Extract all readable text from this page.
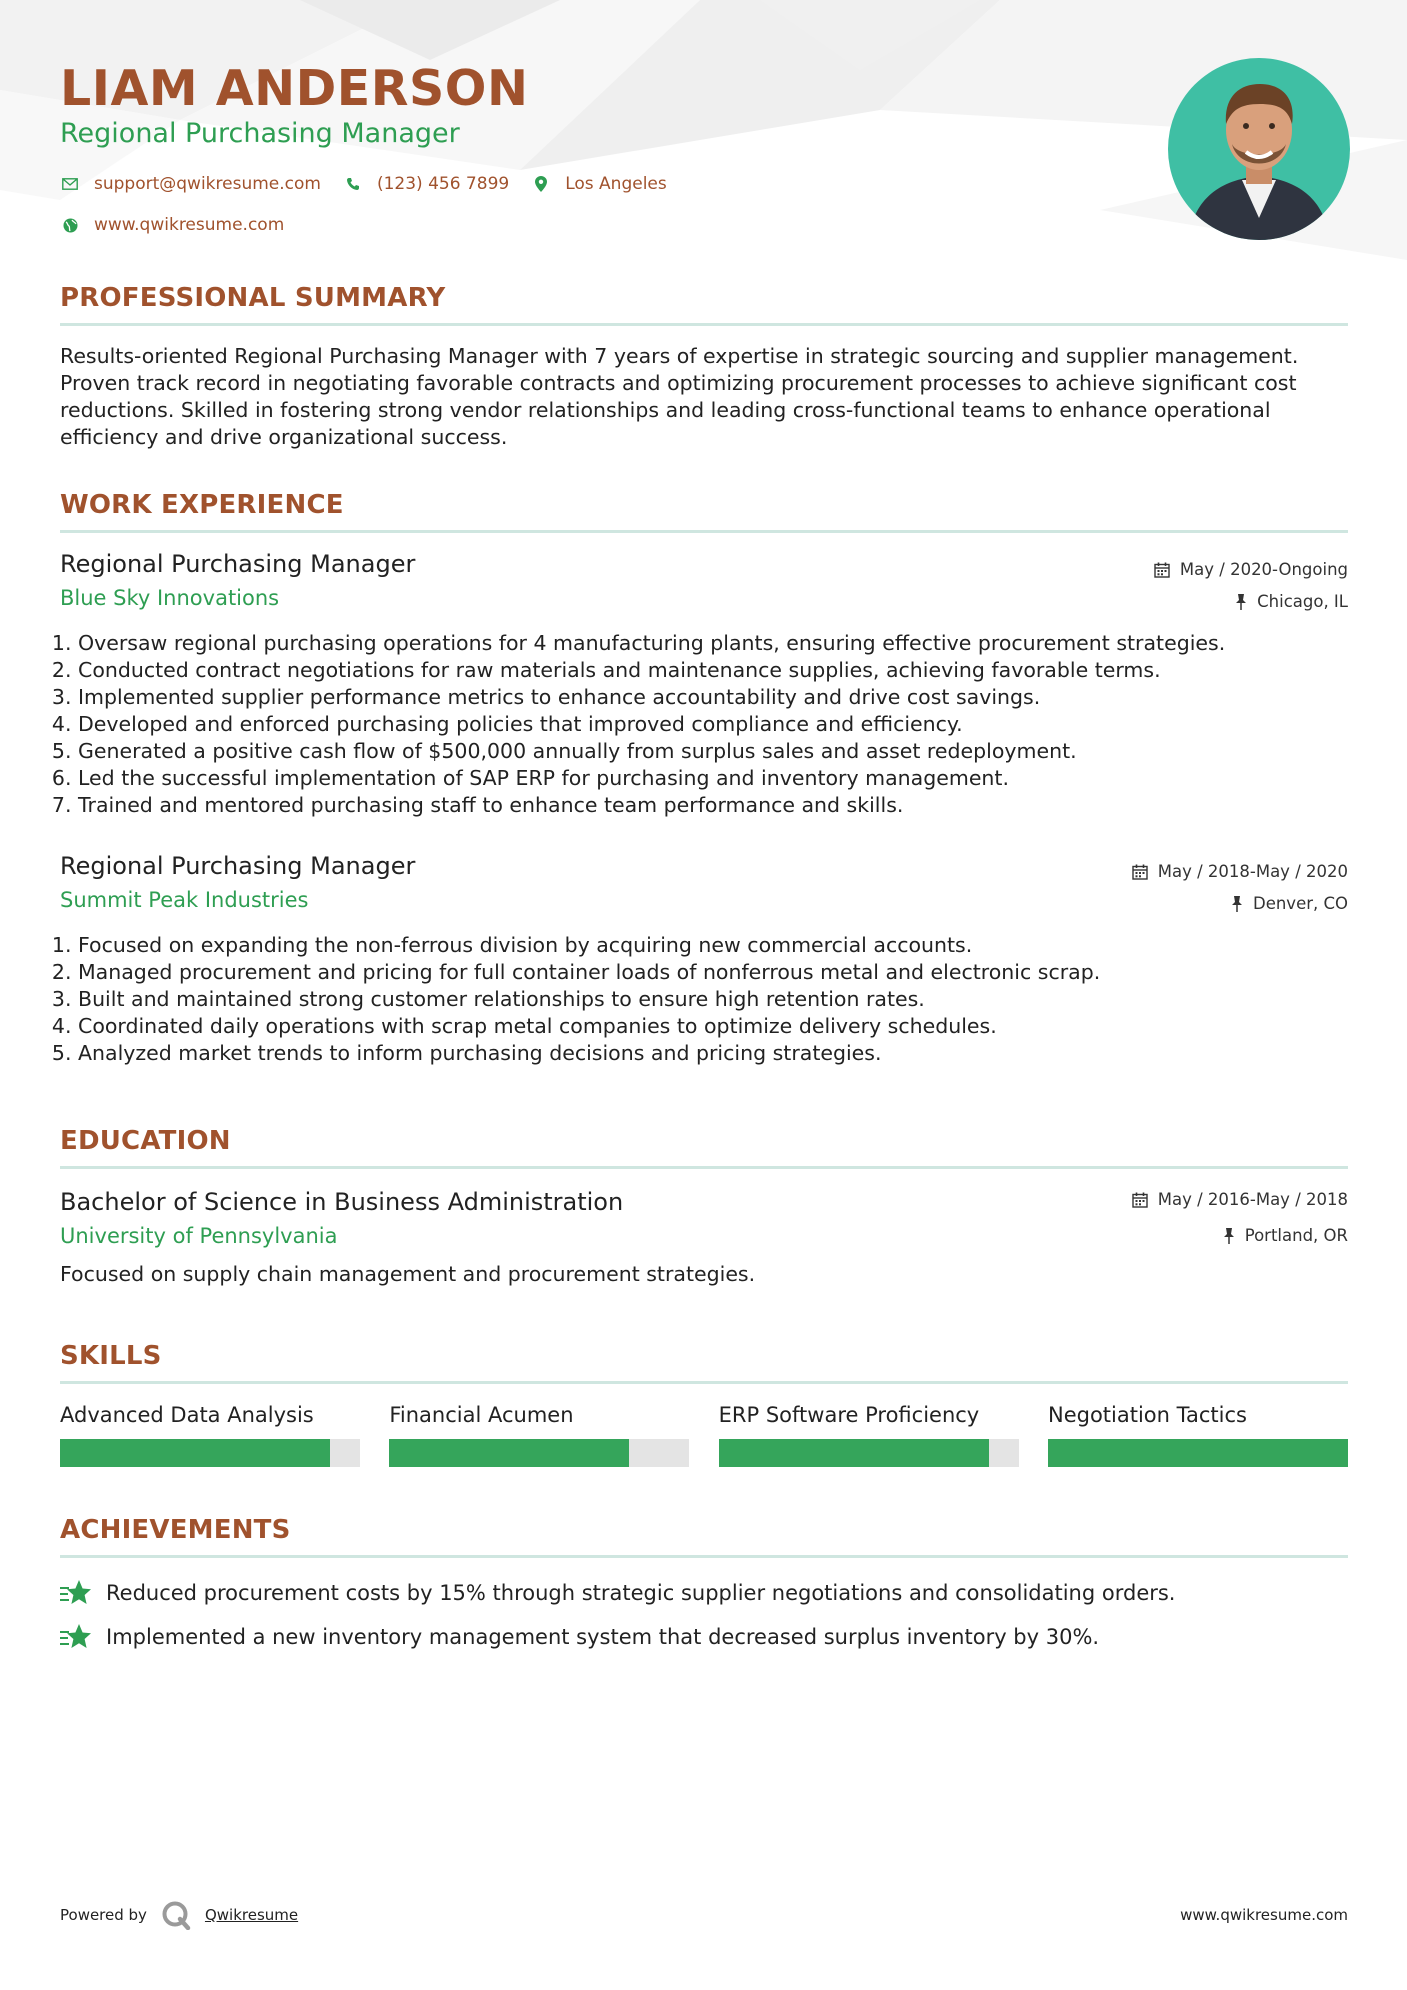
LIAM ANDERSON
Regional Purchasing Manager
support@qwikresume.com	(123) 456 7899	Los Angeles
www.qwikresume.com
PROFESSIONAL SUMMARY

Results-oriented Regional Purchasing Manager with 7 years of expertise in strategic sourcing and supplier management. Proven track record in negotiating favorable contracts and optimizing procurement processes to achieve significant cost reductions. Skilled in fostering strong vendor relationships and leading cross-functional teams to enhance operational efficiency and drive organizational success.

WORK EXPERIENCE
Regional Purchasing Manager
Blue Sky Innovations
May / 2020-Ongoing
Chicago, IL
1. Oversaw regional purchasing operations for 4 manufacturing plants, ensuring effective procurement strategies.
2. Conducted contract negotiations for raw materials and maintenance supplies, achieving favorable terms.
3. Implemented supplier performance metrics to enhance accountability and drive cost savings.
4. Developed and enforced purchasing policies that improved compliance and efficiency.
5. Generated a positive cash flow of $500,000 annually from surplus sales and asset redeployment.
6. Led the successful implementation of SAP ERP for purchasing and inventory management.
7. Trained and mentored purchasing staff to enhance team performance and skills.
Regional Purchasing Manager
Summit Peak Industries
May / 2018-May / 2020
Denver, CO
1. Focused on expanding the non-ferrous division by acquiring new commercial accounts.
2. Managed procurement and pricing for full container loads of nonferrous metal and electronic scrap.
3. Built and maintained strong customer relationships to ensure high retention rates.
4. Coordinated daily operations with scrap metal companies to optimize delivery schedules.
5. Analyzed market trends to inform purchasing decisions and pricing strategies.
EDUCATION
Bachelor of Science in Business Administration
University of Pennsylvania
May / 2016-May / 2018
Portland, OR
Focused on supply chain management and procurement strategies.
SKILLS
Advanced Data Analysis	Financial Acumen	ERP Software Proficiency	Negotiation Tactics
ACHIEVEMENTS
Reduced procurement costs by 15% through strategic supplier negotiations and consolidating orders.
Implemented a new inventory management system that decreased surplus inventory by 30%.
Powered by	Qwikresume	www.qwikresume.com
